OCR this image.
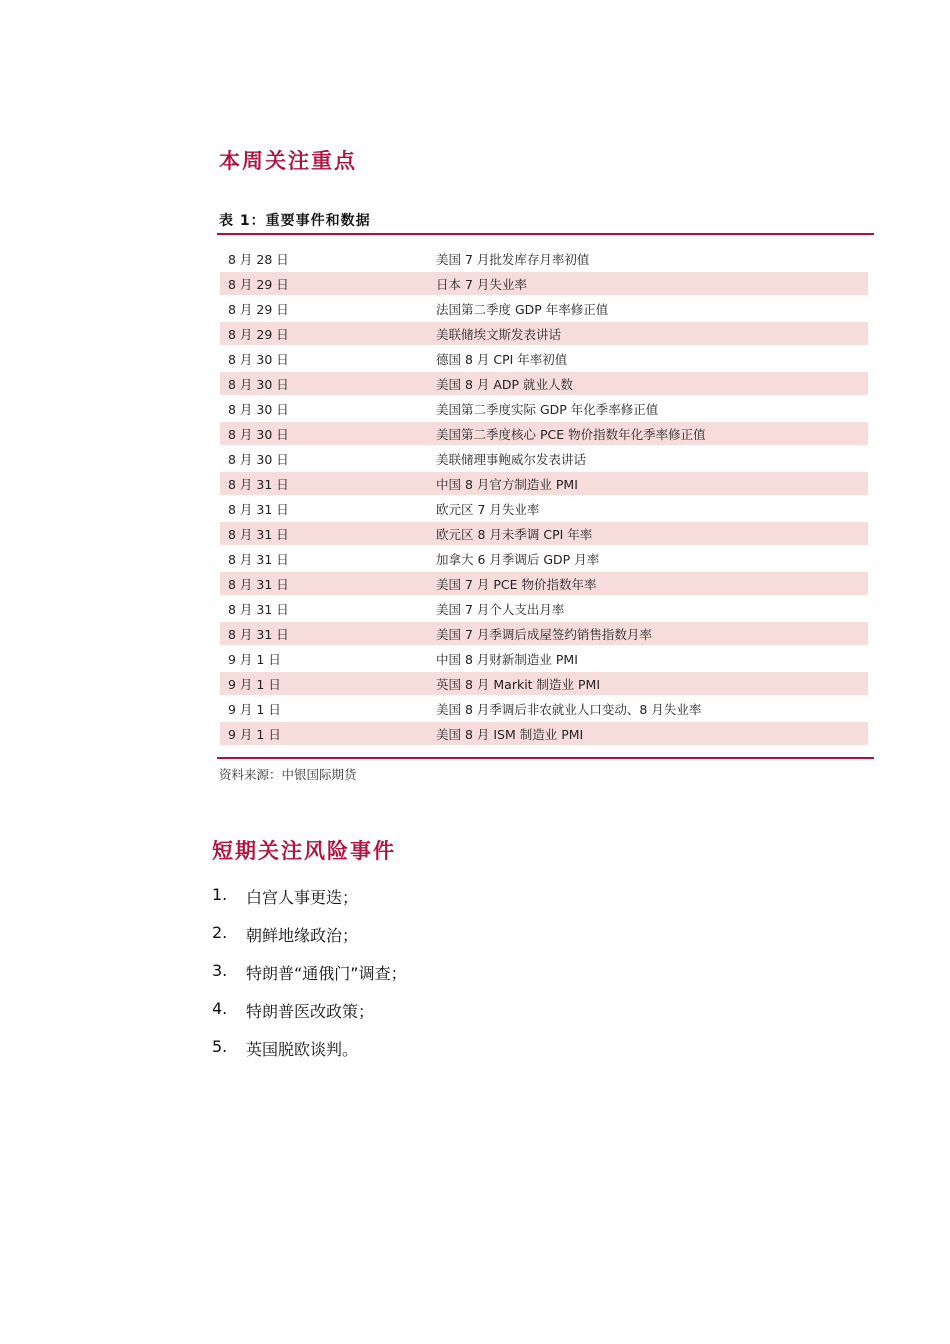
本周关注重点
表 1：重要事件和数据
8 月 28 日	美国 7 月批发库存月率初值
8 月 29 日	日本 7 月失业率
8 月 29 日	法国第二季度 GDP 年率修正值
8 月 29 日	美联储埃文斯发表讲话
8 月 30 日	德国 8 月 CPI 年率初值
8 月 30 日	美国 8 月 ADP 就业人数
8 月 30 日	美国第二季度实际 GDP 年化季率修正值
8 月 30 日	美国第二季度核心 PCE 物价指数年化季率修正值
8 月 30 日	美联储理事鲍威尔发表讲话
8 月 31 日	中国 8 月官方制造业 PMI
8 月 31 日	欧元区 7 月失业率
8 月 31 日	欧元区 8 月未季调 CPI 年率
8 月 31 日	加拿大 6 月季调后 GDP 月率
8 月 31 日	美国 7 月 PCE 物价指数年率
8 月 31 日	美国 7 月个人支出月率
8 月 31 日	美国 7 月季调后成屋签约销售指数月率
9 月 1 日	中国 8 月财新制造业 PMI
9 月 1 日	英国 8 月 Markit 制造业 PMI
9 月 1 日	美国 8 月季调后非农就业人口变动、8 月失业率
9 月 1 日	美国 8 月 ISM 制造业 PMI
资料来源：中银国际期货
短期关注风险事件
1.	白宫人事更迭；
2.	朝鲜地缘政治；
3.	特朗普“通俄门”调查；
4.	特朗普医改政策；
5.	英国脱欧谈判。
